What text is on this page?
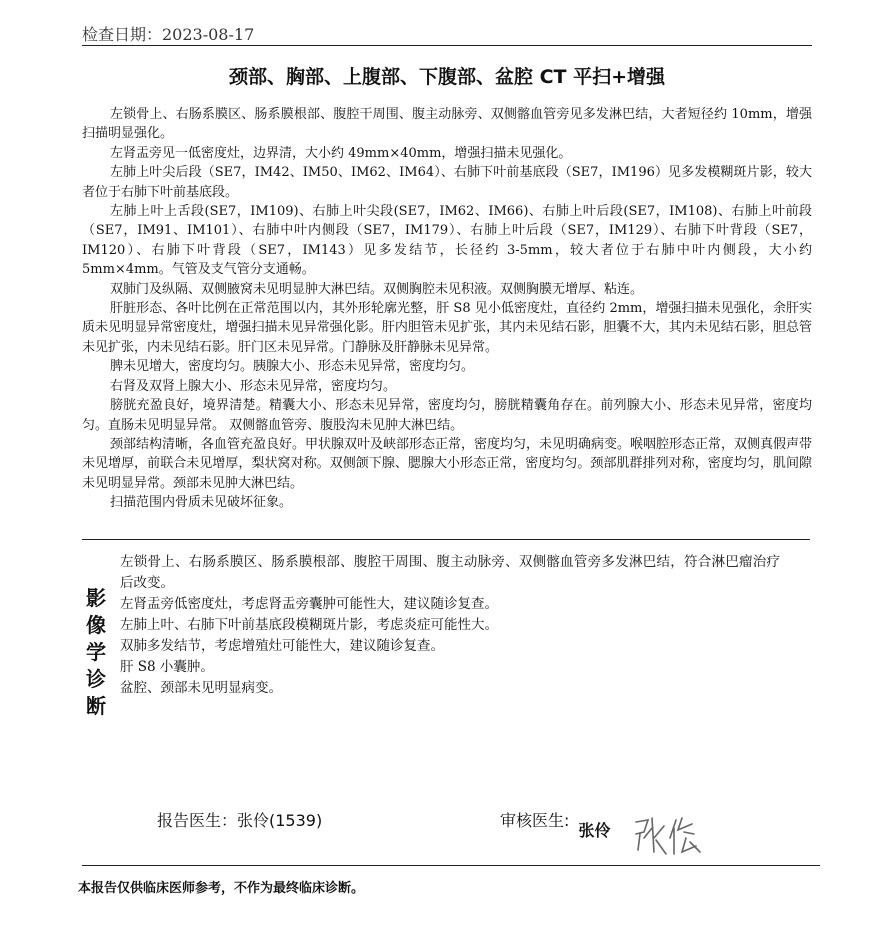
检查日期：2023-08-17
颈部、胸部、上腹部、下腹部、盆腔 CT 平扫+增强

左锁骨上、右肠系膜区、肠系膜根部、腹腔干周围、腹主动脉旁、双侧髂血管旁见多发淋巴结，大者短径约 10mm，增强扫描明显强化。

左肾盂旁见一低密度灶，边界清，大小约 49mm×40mm，增强扫描未见强化。

左肺上叶尖后段（SE7，IM42、IM50、IM62、IM64）、右肺下叶前基底段（SE7，IM196）见多发模糊斑片影，较大者位于右肺下叶前基底段。

左肺上叶上舌段(SE7，IM109)、右肺上叶尖段(SE7，IM62、IM66)、右肺上叶后段(SE7，IM108)、右肺上叶前段（SE7，IM91、IM101）、右肺中叶内侧段（SE7，IM179）、右肺上叶后段（SE7，IM129）、右肺下叶背段（SE7，IM120）、右肺下叶背段（SE7，IM143）见多发结节，长径约 3-5mm，较大者位于右肺中叶内侧段，大小约 5mm×4mm。气管及支气管分支通畅。

双肺门及纵隔、双侧腋窝未见明显肿大淋巴结。双侧胸腔未见积液。双侧胸膜无增厚、粘连。

肝脏形态、各叶比例在正常范围以内，其外形轮廓光整，肝 S8 见小低密度灶，直径约 2mm，增强扫描未见强化，余肝实质未见明显异常密度灶，增强扫描未见异常强化影。肝内胆管未见扩张，其内未见结石影，胆囊不大，其内未见结石影，胆总管未见扩张，内未见结石影。肝门区未见异常。门静脉及肝静脉未见异常。

脾未见增大，密度均匀。胰腺大小、形态未见异常，密度均匀。

右肾及双肾上腺大小、形态未见异常，密度均匀。

膀胱充盈良好，境界清楚。精囊大小、形态未见异常，密度均匀，膀胱精囊角存在。前列腺大小、形态未见异常，密度均匀。直肠未见明显异常。 双侧髂血管旁、腹股沟未见肿大淋巴结。

颈部结构清晰，各血管充盈良好。甲状腺双叶及峡部形态正常，密度均匀，未见明确病变。喉咽腔形态正常，双侧真假声带未见增厚，前联合未见增厚，梨状窝对称。双侧颌下腺、腮腺大小形态正常，密度均匀。颈部肌群排列对称，密度均匀，肌间隙未见明显异常。颈部未见肿大淋巴结。

扫描范围内骨质未见破坏征象。

影像学诊断

左锁骨上、右肠系膜区、肠系膜根部、腹腔干周围、腹主动脉旁、双侧髂血管旁多发淋巴结，符合淋巴瘤治疗后改变。

左肾盂旁低密度灶，考虑肾盂旁囊肿可能性大，建议随诊复查。

左肺上叶、右肺下叶前基底段模糊斑片影，考虑炎症可能性大。

双肺多发结节，考虑增殖灶可能性大，建议随诊复查。

肝 S8 小囊肿。

盆腔、颈部未见明显病变。

报告医生：张伶(1539)	审核医生: 张伶
本报告仅供临床医师参考，不作为最终临床诊断。
